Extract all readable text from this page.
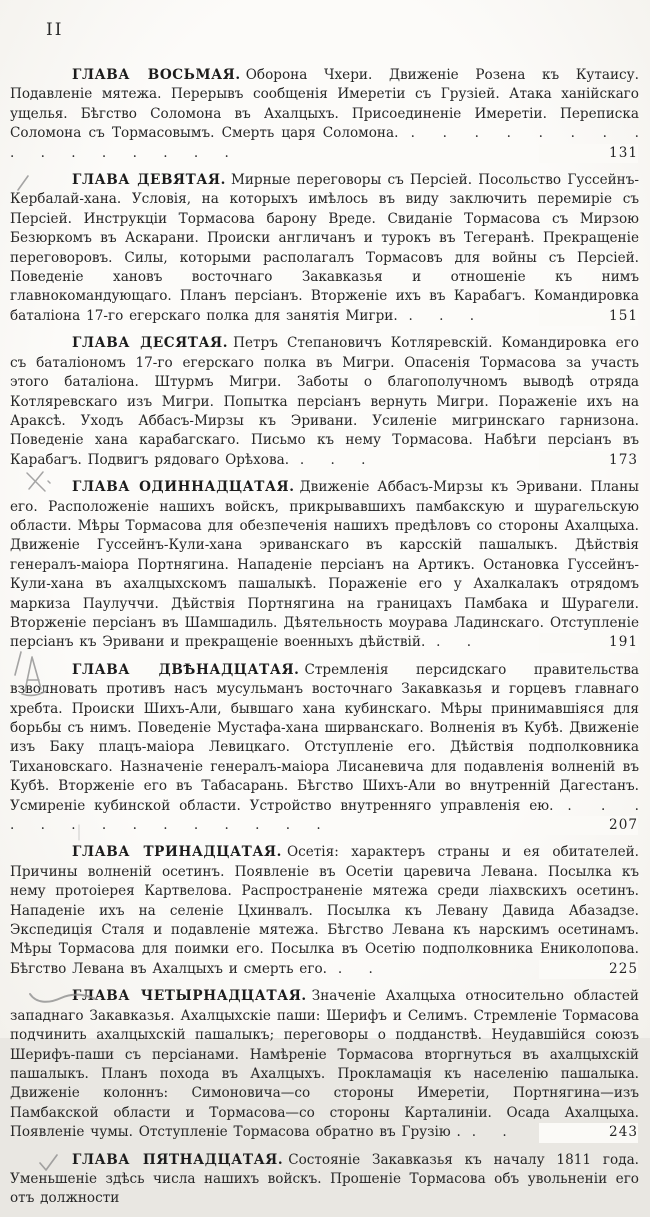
II

ГЛАВА ВОСЬМАЯ. Оборона Чхери. Движеніе Розена къ Кутаису. Подавленіе мятежа. Перерывъ сообщенія Имеретіи съ Грузіей. Атака ханійскаго ущелья. Бѣгство Соломона въ Ахалцыхъ. Присоединеніе Имеретіи. Переписка Соломона съ Тормасовымъ. Смерть царя Соломона. . . . . . . . . . . . . . . . .	131

ГЛАВА ДЕВЯТАЯ. Мирные переговоры съ Персіей. Посольство Гуссейнъ-Кербалай-хана. Условія, на которыхъ имѣлось въ виду заключить перемиріе съ Персіей. Инструкціи Тормасова барону Вреде. Свиданіе Тормасова съ Мирзою Безюркомъ въ Аскарани. Происки англичанъ и турокъ въ Тегеранѣ. Прекращеніе переговоровъ. Силы, которыми располагалъ Тормасовъ для войны съ Персіей. Поведеніе хановъ восточнаго Закавказья и отношеніе къ нимъ главнокомандующаго. Планъ персіанъ. Вторженіе ихъ въ Карабагъ. Командировка баталіона 17-го егерскаго полка для занятія Мигри. . . .	151

ГЛАВА ДЕСЯТАЯ. Петръ Степановичъ Котляревскій. Командировка его съ баталіономъ 17-го егерскаго полка въ Мигри. Опасенія Тормасова за участь этого баталіона. Штурмъ Мигри. Заботы о благополучномъ выводѣ отряда Котляревскаго изъ Мигри. Попытка персіанъ вернуть Мигри. Пораженіе ихъ на Араксѣ. Уходъ Аббасъ-Мирзы къ Эривани. Усиленіе мигринскаго гарнизона. Поведеніе хана карабагскаго. Письмо къ нему Тормасова. Набѣги персіанъ въ Карабагъ. Подвигъ рядоваго Орѣхова. . . .	173

ГЛАВА ОДИННАДЦАТАЯ. Движеніе Аббасъ-Мирзы къ Эривани. Планы его. Расположеніе нашихъ войскъ, прикрывавшихъ памбакскую и шурагельскую области. Мѣры Тормасова для обезпеченія нашихъ предѣловъ со стороны Ахалцыха. Движеніе Гуссейнъ-Кули-хана эриванскаго въ карсскій пашалыкъ. Дѣйствія генералъ-маіора Портнягина. Нападеніе персіанъ на Артикъ. Остановка Гуссейнъ-Кули-хана въ ахалцыхскомъ пашалыкѣ. Пораженіе его у Ахалкалакъ отрядомъ маркиза Паулуччи. Дѣйствія Портнягина на границахъ Памбака и Шурагели. Вторженіе персіанъ въ Шамшадиль. Дѣятельность моурава Ладинскаго. Отступленіе персіанъ къ Эривани и прекращеніе военныхъ дѣйствій. . .	191

ГЛАВА ДВѢНАДЦАТАЯ. Стремленія персидскаго правительства взволновать противъ насъ мусульманъ восточнаго Закавказья и горцевъ главнаго хребта. Происки Шихъ-Али, бывшаго хана кубинскаго. Мѣры принимавшіяся для борьбы съ нимъ. Поведеніе Мустафа-хана ширванскаго. Волненія въ Кубѣ. Движеніе изъ Баку плацъ-маіора Левицкаго. Отступленіе его. Дѣйствія подполковника Тихановскаго. Назначеніе генералъ-маіора Лисаневича для подавленія волненій въ Кубѣ. Вторженіе его въ Табасарань. Бѣгство Шихъ-Али во внутренній Дагестанъ. Усмиреніе кубинской области. Устройство внутренняго управленія ею. . . . . . . . . . . . . . .	207

ГЛАВА ТРИНАДЦАТАЯ. Осетія: характеръ страны и ея обитателей. Причины волненій осетинъ. Появленіе въ Осетіи царевича Левана. Посылка къ нему протоіерея Картвелова. Распространеніе мятежа среди ліахвскихъ осетинъ. Нападеніе ихъ на селеніе Цхинвалъ. Посылка къ Левану Давида Абазадзе. Экспедиція Сталя и подавленіе мятежа. Бѣгство Левана къ нарскимъ осетинамъ. Мѣры Тормасова для поимки его. Посылка въ Осетію подполковника Ениколопова. Бѣгство Левана въ Ахалцыхъ и смерть его. . .	225

ГЛАВА ЧЕТЫРНАДЦАТАЯ. Значеніе Ахалцыха относительно областей западнаго Закавказья. Ахалцыхскіе паши: Шерифъ и Селимъ. Стремленіе Тормасова подчинить ахалцыхскій пашалыкъ; переговоры о подданствѣ. Неудавшійся союзъ Шерифъ-паши съ персіанами. Намѣреніе Тормасова вторгнуться въ ахалцыхскій пашалыкъ. Планъ похода въ Ахалцыхъ. Прокламація къ населенію пашалыка. Движеніе колоннъ: Симоновича—со стороны Имеретіи, Портнягина—изъ Памбакской области и Тормасова—со стороны Карталиніи. Осада Ахалцыха. Появленіе чумы. Отступленіе Тормасова обратно въ Грузію . . .	243

ГЛАВА ПЯТНАДЦАТАЯ. Состояніе Закавказья къ началу 1811 года. Уменьшеніе здѣсь числа нашихъ войскъ. Прошеніе Тормасова объ увольненіи его отъ должности
